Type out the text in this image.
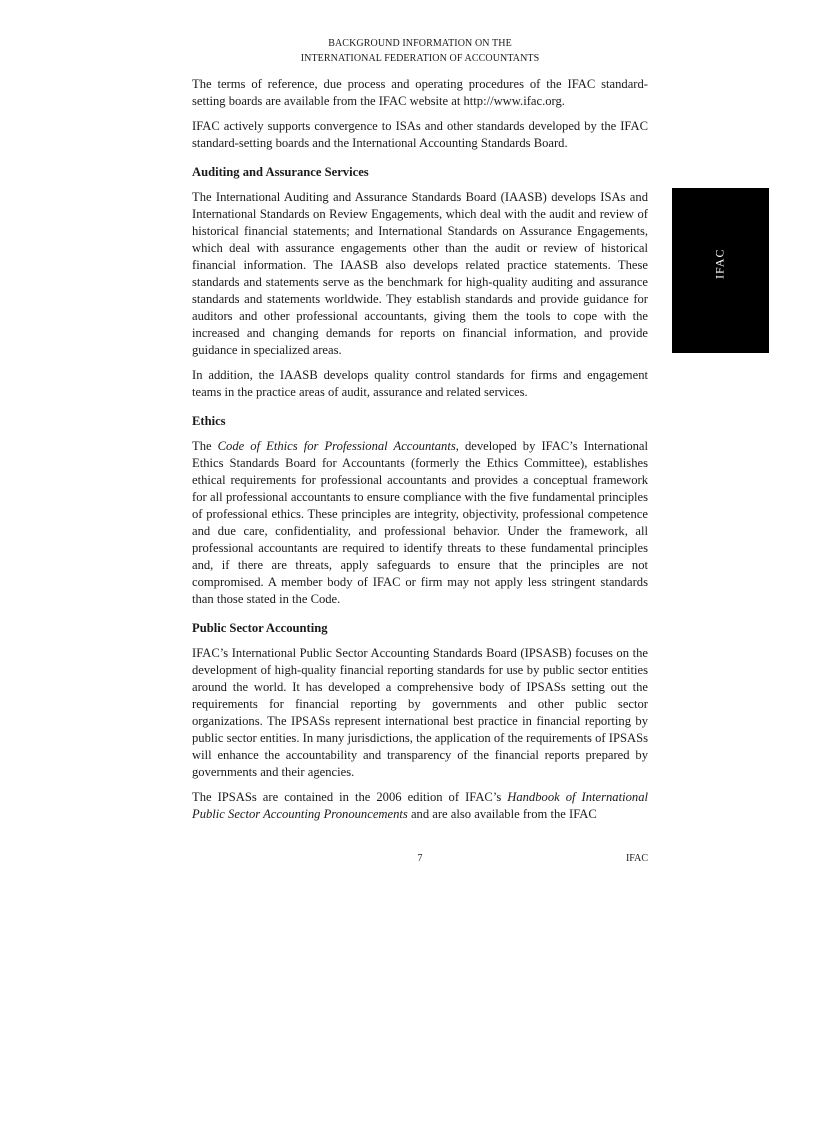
BACKGROUND INFORMATION ON THE
INTERNATIONAL FEDERATION OF ACCOUNTANTS
IFAC

The terms of reference, due process and operating procedures of the IFAC standard-setting boards are available from the IFAC website at http://www.ifac.org.

IFAC actively supports convergence to ISAs and other standards developed by the IFAC standard-setting boards and the International Accounting Standards Board.

Auditing and Assurance Services

The International Auditing and Assurance Standards Board (IAASB) develops ISAs and International Standards on Review Engagements, which deal with the audit and review of historical financial statements; and International Standards on Assurance Engagements, which deal with assurance engagements other than the audit or review of historical financial information. The IAASB also develops related practice statements. These standards and statements serve as the benchmark for high-quality auditing and assurance standards and statements worldwide. They establish standards and provide guidance for auditors and other professional accountants, giving them the tools to cope with the increased and changing demands for reports on financial information, and provide guidance in specialized areas.

In addition, the IAASB develops quality control standards for firms and engagement teams in the practice areas of audit, assurance and related services.

Ethics

The Code of Ethics for Professional Accountants, developed by IFAC’s International Ethics Standards Board for Accountants (formerly the Ethics Committee), establishes ethical requirements for professional accountants and provides a conceptual framework for all professional accountants to ensure compliance with the five fundamental principles of professional ethics. These principles are integrity, objectivity, professional competence and due care, confidentiality, and professional behavior. Under the framework, all professional accountants are required to identify threats to these fundamental principles and, if there are threats, apply safeguards to ensure that the principles are not compromised. A member body of IFAC or firm may not apply less stringent standards than those stated in the Code.

Public Sector Accounting

IFAC’s International Public Sector Accounting Standards Board (IPSASB) focuses on the development of high-quality financial reporting standards for use by public sector entities around the world. It has developed a comprehensive body of IPSASs setting out the requirements for financial reporting by governments and other public sector organizations. The IPSASs represent international best practice in financial reporting by public sector entities. In many jurisdictions, the application of the requirements of IPSASs will enhance the accountability and transparency of the financial reports prepared by governments and their agencies.

The IPSASs are contained in the 2006 edition of IFAC’s Handbook of International Public Sector Accounting Pronouncements and are also available from the IFAC

7	IFAC
